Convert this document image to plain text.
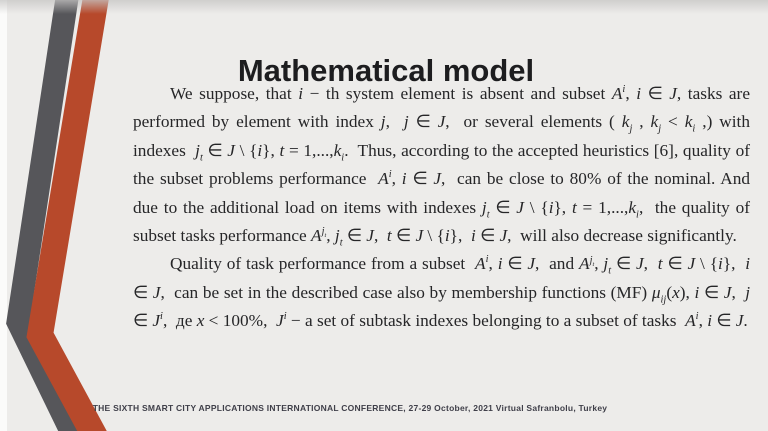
Mathematical model

We suppose, that i − th system element is absent and subset $A^i$, i ∈ J, tasks are performed by element with index j,  j ∈ J,  or several elements ( $k_j$ , $k_j < k_i$ ,) with indexes  $j_t$ ∈ J \ {i}, $t = 1,...,k_i$.  Thus, according to the accepted heuristics [6], quality of the subset problems performance  $A^i$, i ∈ J,  can be close to 80% of the nominal. And due to the additional load on items with indexes $j_t$ ∈ J \ {i}, $t = 1,...,k_i$,  the quality of subset tasks performance $A^{j_t}$, $j_t$ ∈ J,  t ∈ J \ {i},  i ∈ J,  will also decrease significantly.

Quality of task performance from a subset  $A^i$, i ∈ J,  and $A^{j_t}$, $j_t$ ∈ J,  t ∈ J \ {i},  i ∈ J,  can be set in the described case also by membership functions (MF) $\mu_{ij}(x)$, i ∈ J,  j ∈ $J^i$,  де x < 100%,  $J^i - a$ set of subtask indexes belonging to a subset of tasks  $A^i$, i ∈ J.

THE SIXTH SMART CITY APPLICATIONS INTERNATIONAL CONFERENCE, 27-29 October, 2021 Virtual Safranbolu, Turkey
